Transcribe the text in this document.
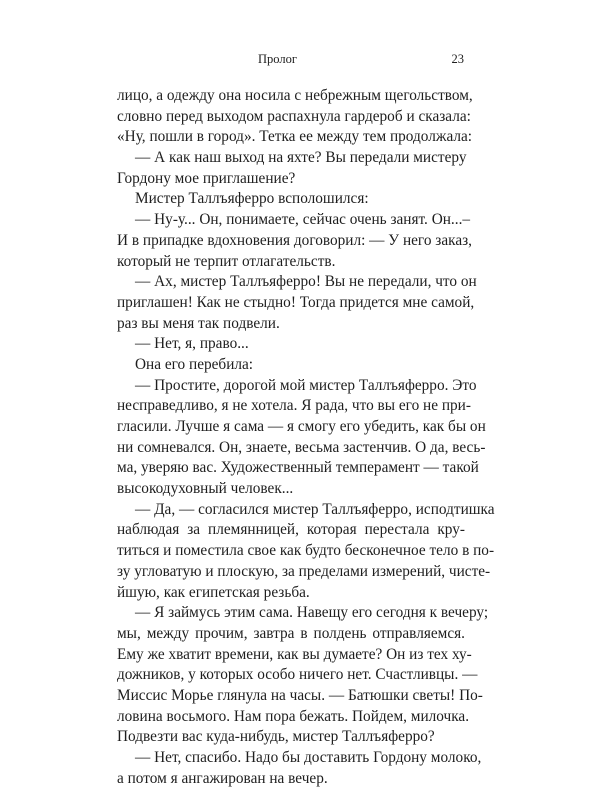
Пролог	23
лицо, а одежду она носила с небрежным щегольством,
словно перед выходом распахнула гардероб и сказала:
«Ну, пошли в город». Тетка ее между тем продолжала:
— А как наш выход на яхте? Вы передали мистеру
Гордону мое приглашение?
Мистер Таллъяферро всполошился:
— Ну-у... Он, понимаете, сейчас очень занят. Он...–
И в припадке вдохновения договорил: — У него заказ,
который не терпит отлагательств.
— Ах, мистер Таллъяферро! Вы не передали, что он
приглашен! Как не стыдно! Тогда придется мне самой,
раз вы меня так подвели.
— Нет, я, право...
Она его перебила:
— Простите, дорогой мой мистер Таллъяферро. Это
несправедливо, я не хотела. Я рада, что вы его не при-
гласили. Лучше я сама — я смогу его убедить, как бы он
ни сомневался. Он, знаете, весьма застенчив. О да, весь-
ма, уверяю вас. Художественный темперамент — такой
высокодуховный человек...
— Да, — согласился мистер Таллъяферро, исподтишка
наблюдая за племянницей, которая перестала кру-
титься и поместила свое как будто бесконечное тело в по-
зу угловатую и плоскую, за пределами измерений, чисте-
йшую, как египетская резьба.
— Я займусь этим сама. Навещу его сегодня к вечеру;
мы, между прочим, завтра в полдень отправляемся.
Ему же хватит времени, как вы думаете? Он из тех ху-
дожников, у которых особо ничего нет. Счастливцы. —
Миссис Морье глянула на часы. — Батюшки светы! По-
ловина восьмого. Нам пора бежать. Пойдем, милочка.
Подвезти вас куда-нибудь, мистер Таллъяферро?
— Нет, спасибо. Надо бы доставить Гордону молоко,
а потом я ангажирован на вечер.
